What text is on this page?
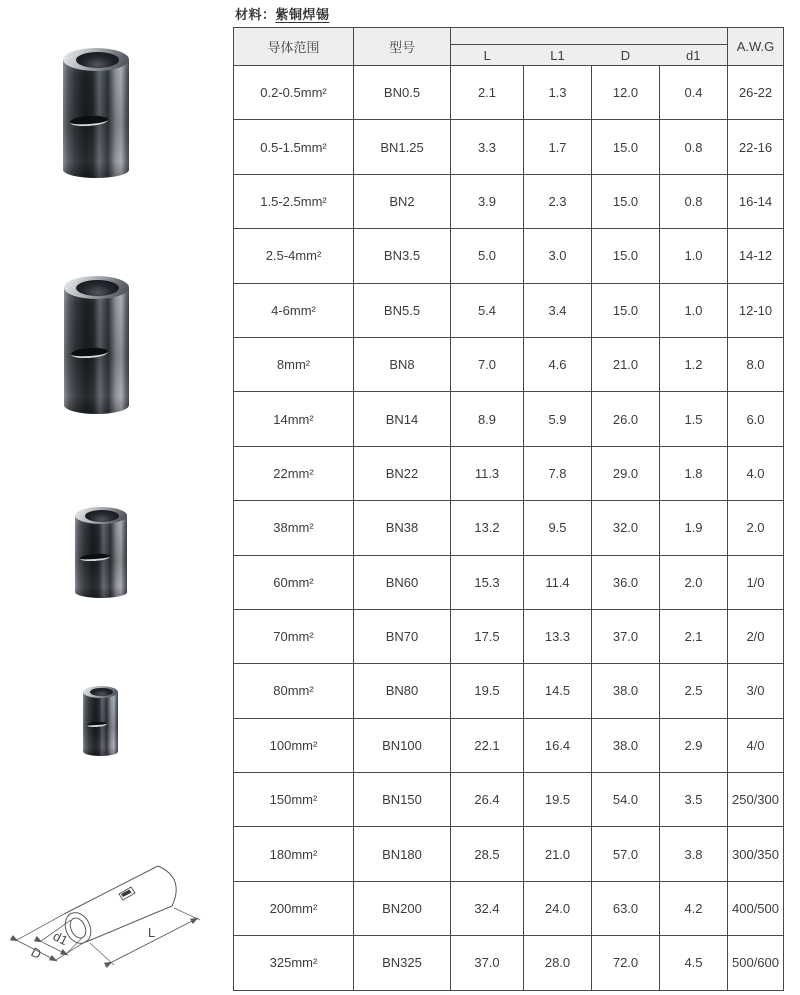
材料：紫铜焊锡
D
d1	L
导体范围	型号					A.W.G
		L	L1	D	d1	
0.2-0.5mm²	BN0.5	2.1	1.3	12.0	0.4	26-22
0.5-1.5mm²	BN1.25	3.3	1.7	15.0	0.8	22-16
1.5-2.5mm²	BN2	3.9	2.3	15.0	0.8	16-14
2.5-4mm²	BN3.5	5.0	3.0	15.0	1.0	14-12
4-6mm²	BN5.5	5.4	3.4	15.0	1.0	12-10
8mm²	BN8	7.0	4.6	21.0	1.2	8.0
14mm²	BN14	8.9	5.9	26.0	1.5	6.0
22mm²	BN22	11.3	7.8	29.0	1.8	4.0
38mm²	BN38	13.2	9.5	32.0	1.9	2.0
60mm²	BN60	15.3	11.4	36.0	2.0	1/0
70mm²	BN70	17.5	13.3	37.0	2.1	2/0
80mm²	BN80	19.5	14.5	38.0	2.5	3/0
100mm²	BN100	22.1	16.4	38.0	2.9	4/0
150mm²	BN150	26.4	19.5	54.0	3.5	250/300
180mm²	BN180	28.5	21.0	57.0	3.8	300/350
200mm²	BN200	32.4	24.0	63.0	4.2	400/500
325mm²	BN325	37.0	28.0	72.0	4.5	500/600
